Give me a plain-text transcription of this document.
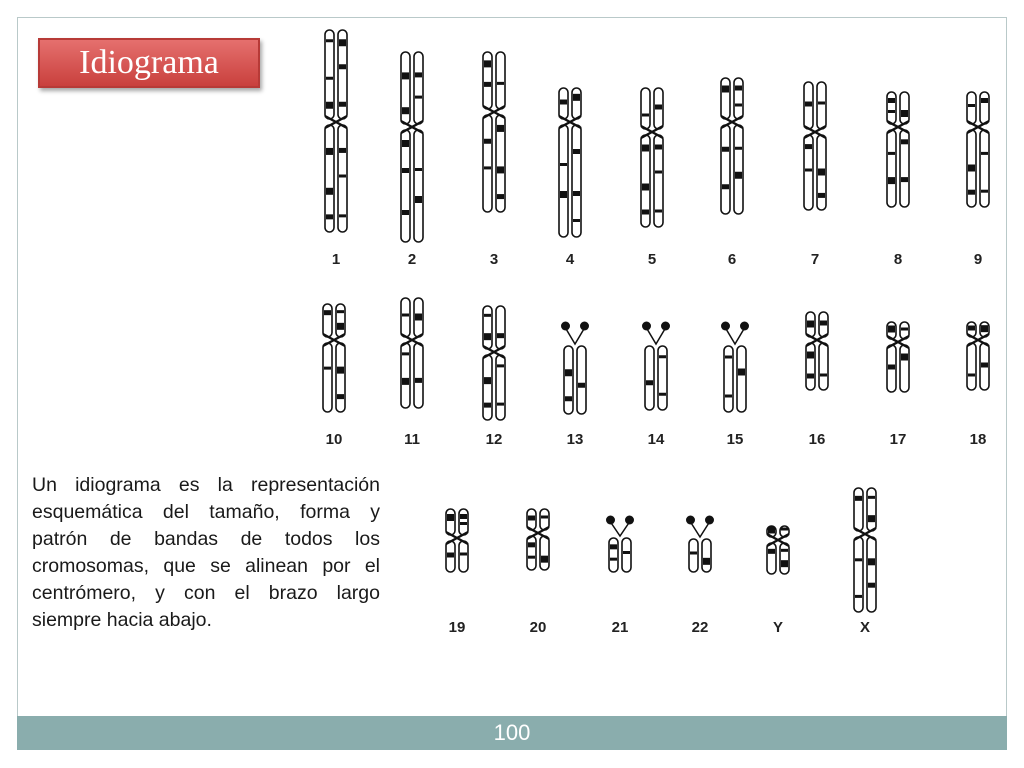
Idiograma
1	2	3	4	5	6	7	8	9
10	11	12	13	14	15	16	17	18
19	20	21	22	Y	X

Un idiograma es la representación esquemática del tamaño, forma y patrón de bandas de todos los cromosomas, que se alinean por el centrómero, y con el brazo largo siempre hacia abajo.

100
